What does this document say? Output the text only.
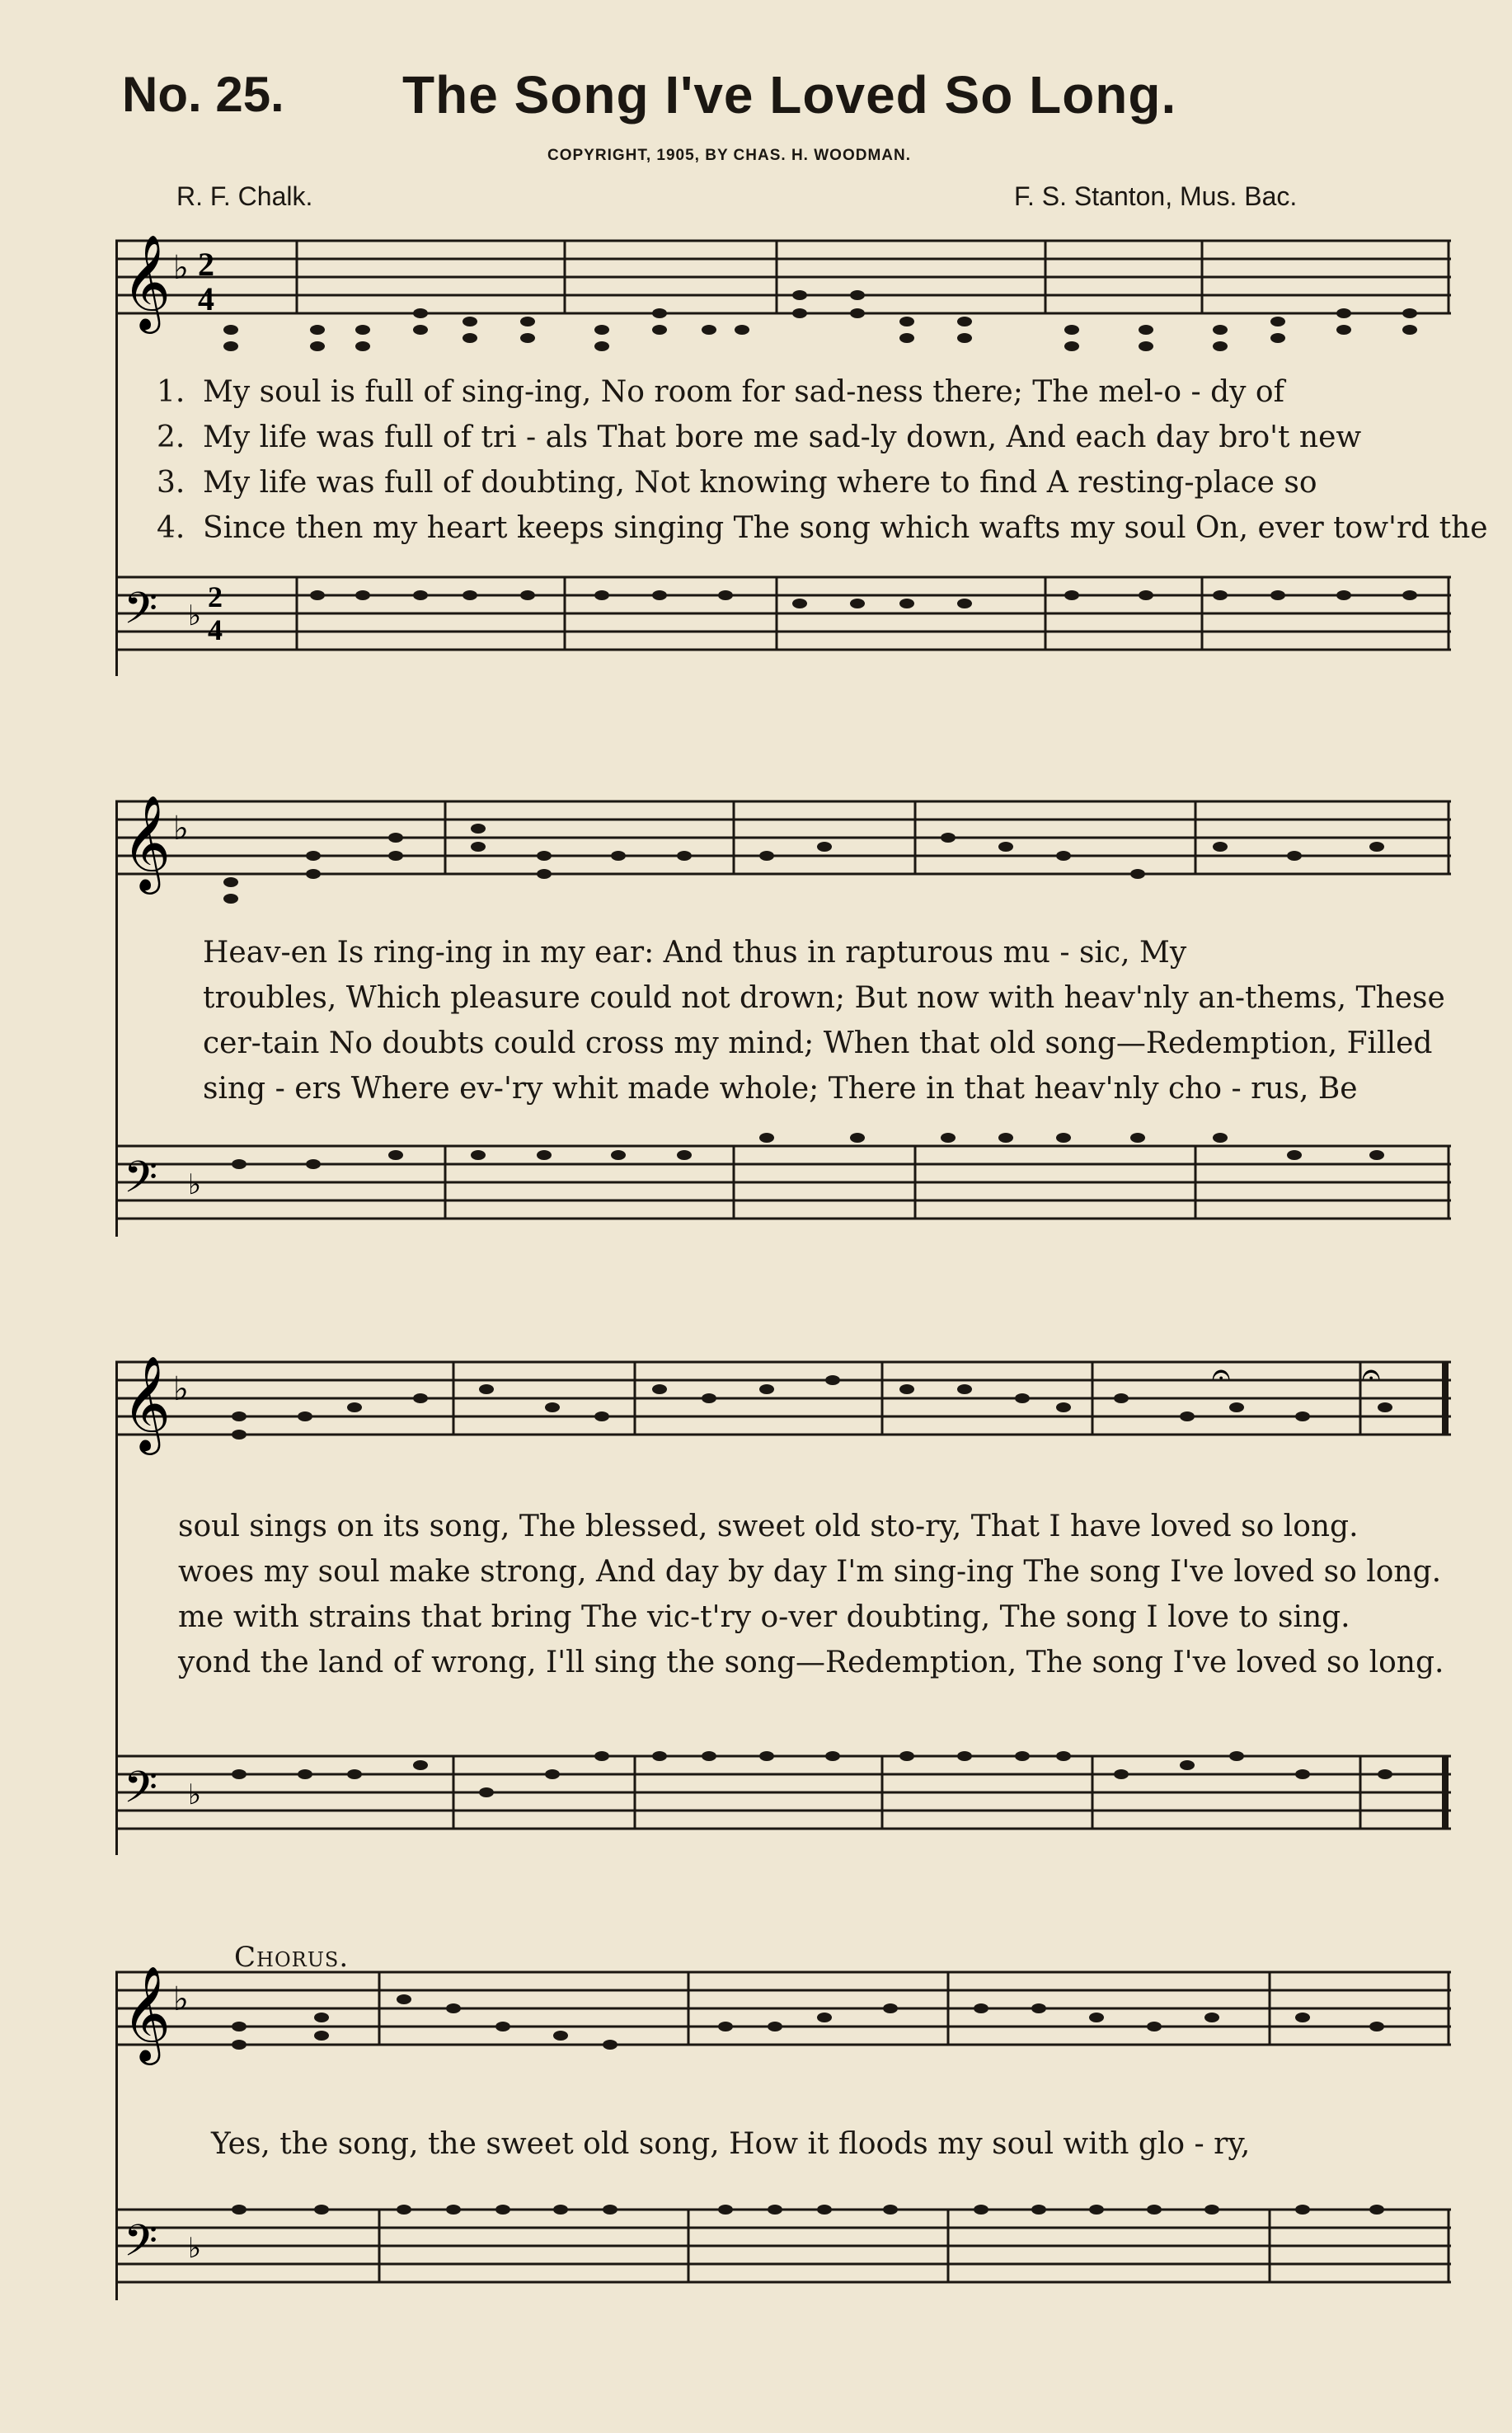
No. 25. The Song I've Loved So Long.
COPYRIGHT, 1905, BY CHAS. H. WOODMAN.
R. F. Chalk.	F. S. Stanton, Mus. Bac.
𝄞 ♭ 2
4
𝄢 ♭
2
4
1. My soul is full of sing-ing, No room for sad-ness there; The mel-o - dy of
2. My life was full of tri - als That bore me sad-ly down, And each day bro't new
3. My life was full of doubting, Not knowing where to find A resting-place so
4. Since then my heart keeps singing The song which wafts my soul On, ever tow'rd the
𝄞 ♭
𝄢 ♭
Heav-en Is ring-ing in my ear: And thus in rapturous mu - sic, My
troubles, Which pleasure could not drown; But now with heav'nly an-thems, These
cer-tain No doubts could cross my mind; When that old song—Redemption, Filled
sing - ers Where ev-'ry whit made whole; There in that heav'nly cho - rus, Be
𝄞 ♭
𝄢 ♭
𝄐	𝄐
soul sings on its song, The blessed, sweet old sto-ry, That I have loved so long.
woes my soul make strong, And day by day I'm sing-ing The song I've loved so long.
me with strains that bring The vic-t'ry o-ver doubting, The song I love to sing.
yond the land of wrong, I'll sing the song—Redemption, The song I've loved so long.
Chorus.
𝄞 ♭
𝄢 ♭
Yes, the song, the sweet old song, How it floods my soul with glo - ry,
